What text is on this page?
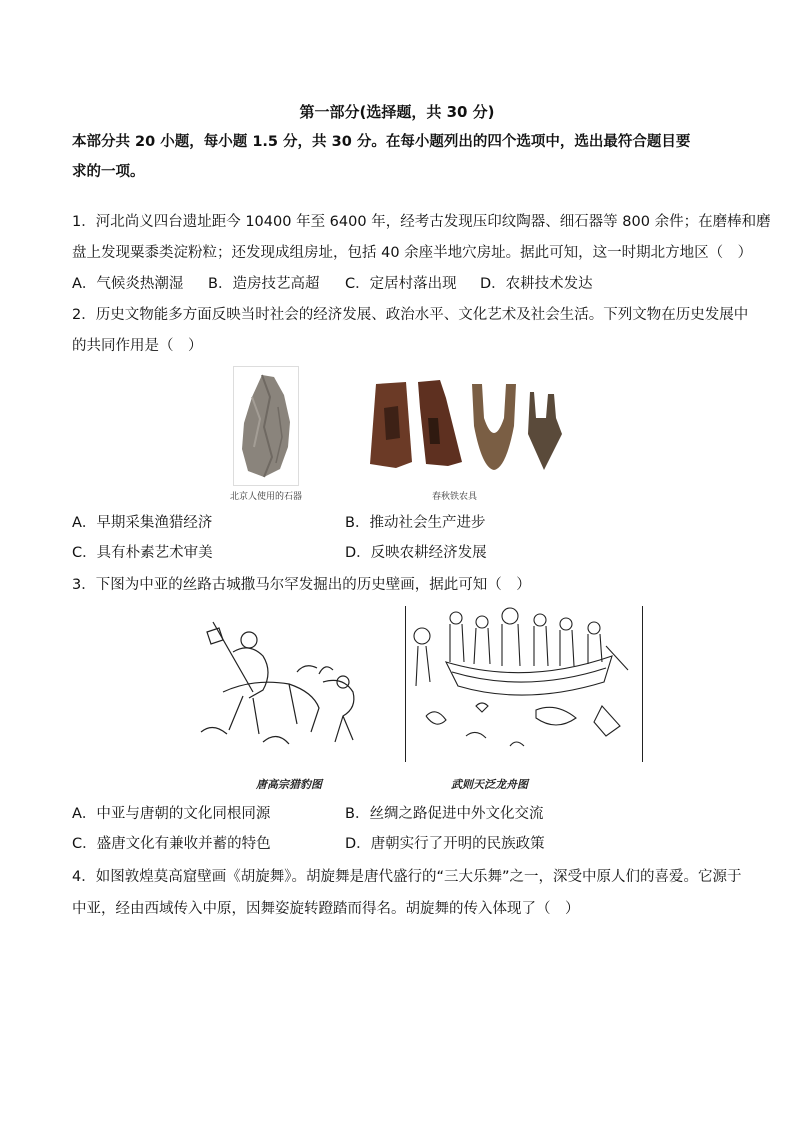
第一部分(选择题，共 30 分)
本部分共 20 小题，每小题 1.5 分，共 30 分。在每小题列出的四个选项中，选出最符合题目要
求的一项。
1．河北尚义四台遗址距今 10400 年至 6400 年，经考古发现压印纹陶器、细石器等 800 余件；在磨棒和磨
盘上发现粟黍类淀粉粒；还发现成组房址，包括 40 余座半地穴房址。据此可知，这一时期北方地区（　）
A．气候炎热潮湿 B．造房技艺高超 C．定居村落出现 D．农耕技术发达
2．历史文物能多方面反映当时社会的经济发展、政治水平、文化艺术及社会生活。下列文物在历史发展中
的共同作用是（　）
北京人使用的石器	春秋铁农具
A．早期采集渔猎经济	B．推动社会生产进步
C．具有朴素艺术审美	D．反映农耕经济发展
3．下图为中亚的丝路古城撒马尔罕发掘出的历史壁画，据此可知（　）
唐高宗猎豹图	武则天泛龙舟图
A．中亚与唐朝的文化同根同源	B．丝绸之路促进中外文化交流
C．盛唐文化有兼收并蓄的特色	D．唐朝实行了开明的民族政策
4．如图敦煌莫高窟壁画《胡旋舞》。胡旋舞是唐代盛行的“三大乐舞”之一，深受中原人们的喜爱。它源于
中亚，经由西域传入中原，因舞姿旋转蹬踏而得名。胡旋舞的传入体现了（　）
